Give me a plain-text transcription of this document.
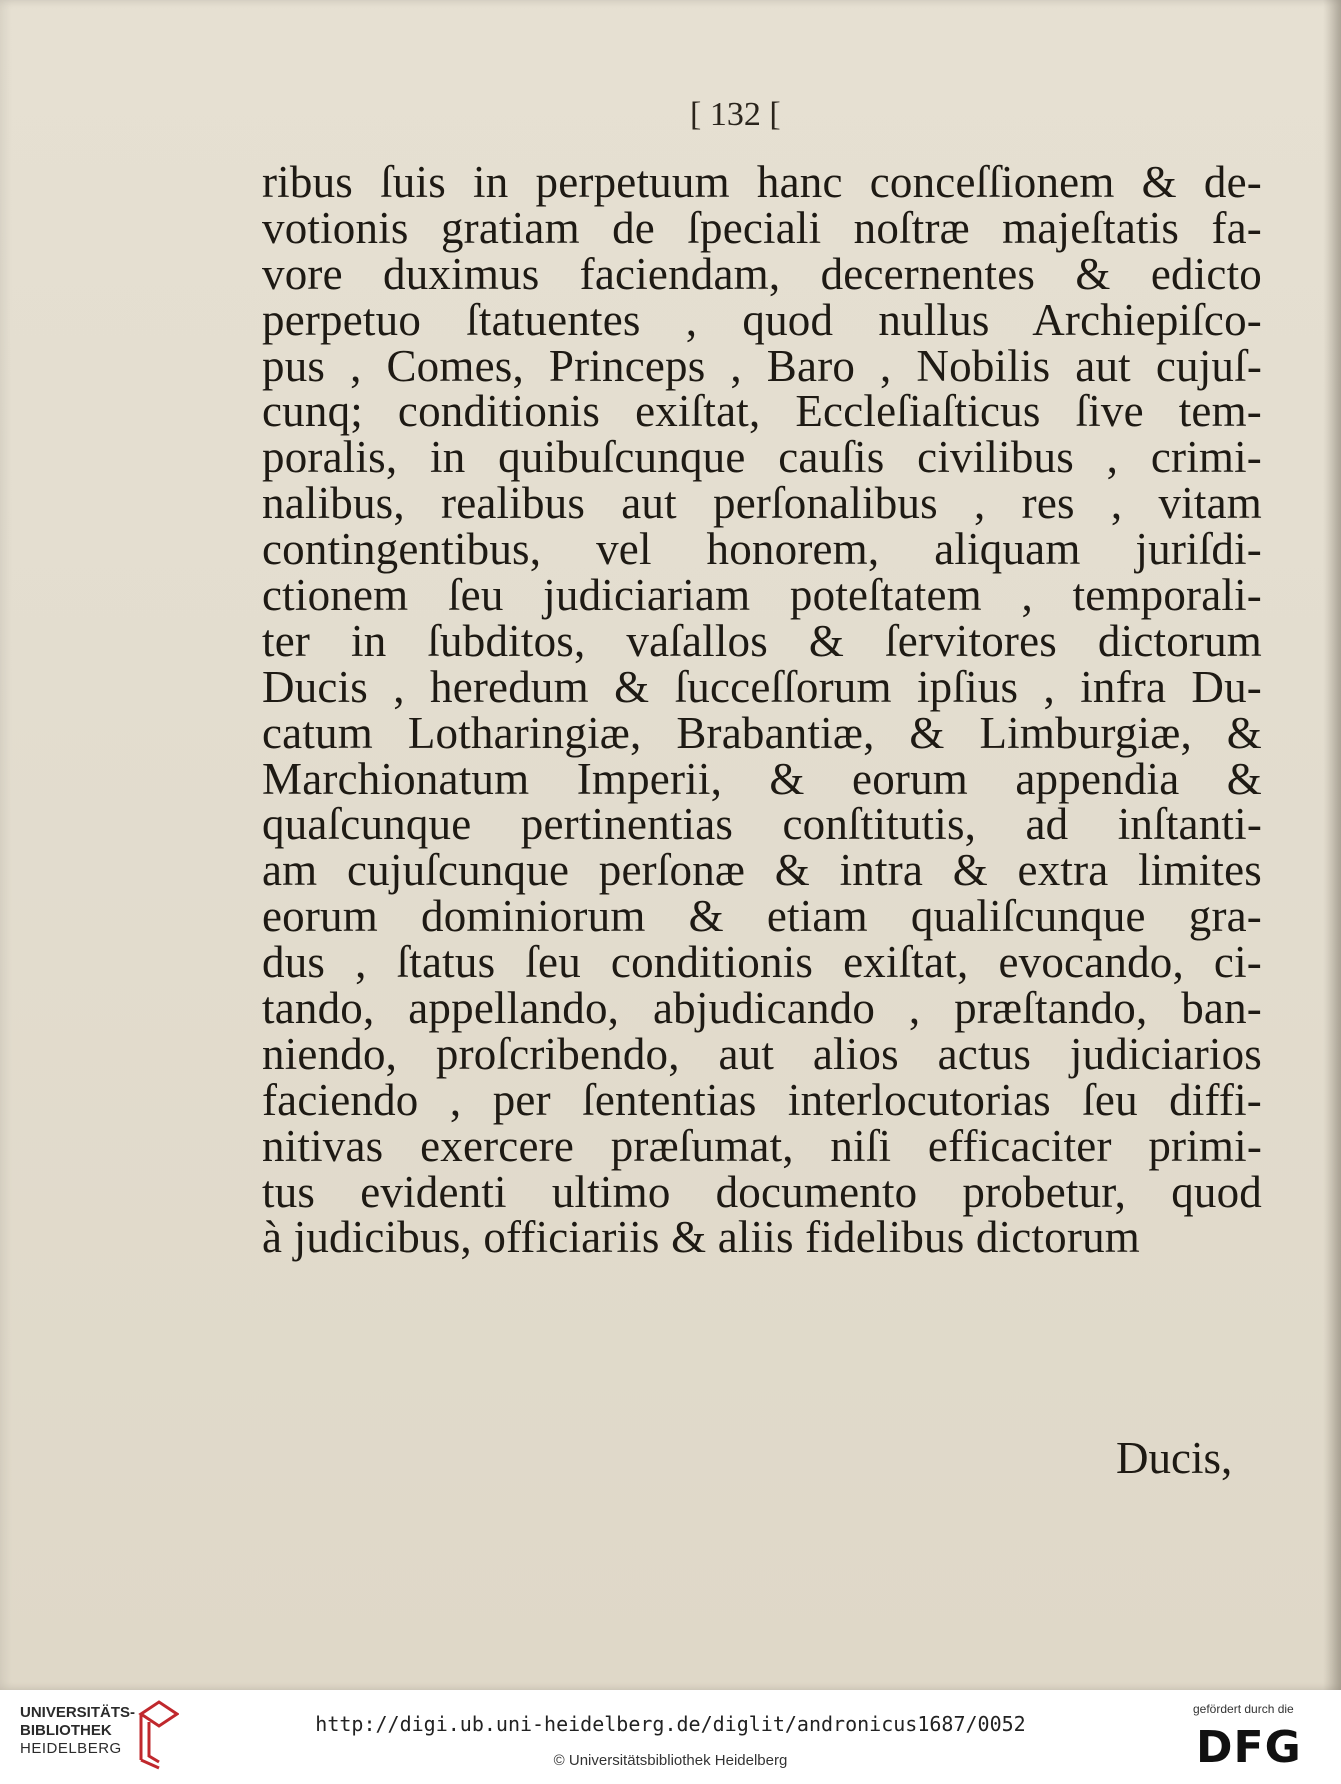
[ 132 [
ribus ſuis in perpetuum hanc conceſſionem & de-
votionis gratiam de ſpeciali noſtræ majeſtatis fa-
vore duximus faciendam, decernentes & edicto
perpetuo ſtatuentes , quod nullus Archiepiſco-
pus , Comes, Princeps , Baro , Nobilis aut cujuſ-
cunq; conditionis exiſtat, Eccleſiaſticus ſive tem-
poralis, in quibuſcunque cauſis civilibus , crimi-
nalibus, realibus aut perſonalibus , res , vitam
contingentibus, vel honorem, aliquam juriſdi-
ctionem ſeu judiciariam poteſtatem , temporali-
ter in ſubditos, vaſallos & ſervitores dictorum
Ducis , heredum & ſucceſſorum ipſius , infra Du-
catum Lotharingiæ, Brabantiæ, & Limburgiæ, &
Marchionatum Imperii, & eorum appendia &
quaſcunque pertinentias conſtitutis, ad inſtanti-
am cujuſcunque perſonæ & intra & extra limites
eorum dominiorum & etiam qualiſcunque gra-
dus , ſtatus ſeu conditionis exiſtat, evocando, ci-
tando, appellando, abjudicando , præſtando, ban-
niendo, proſcribendo, aut alios actus judiciarios
faciendo , per ſententias interlocutorias ſeu diffi-
nitivas exercere præſumat, niſi efficaciter primi-
tus evidenti ultimo documento probetur, quod
à judicibus, officiariis & aliis fidelibus dictorum
Ducis,
UNIVERSITÄTS-
BIBLIOTHEK
HEIDELBERG
http://digi.ub.uni-heidelberg.de/diglit/andronicus1687/0052
© Universitätsbibliothek Heidelberg
gefördert durch die
DFG
